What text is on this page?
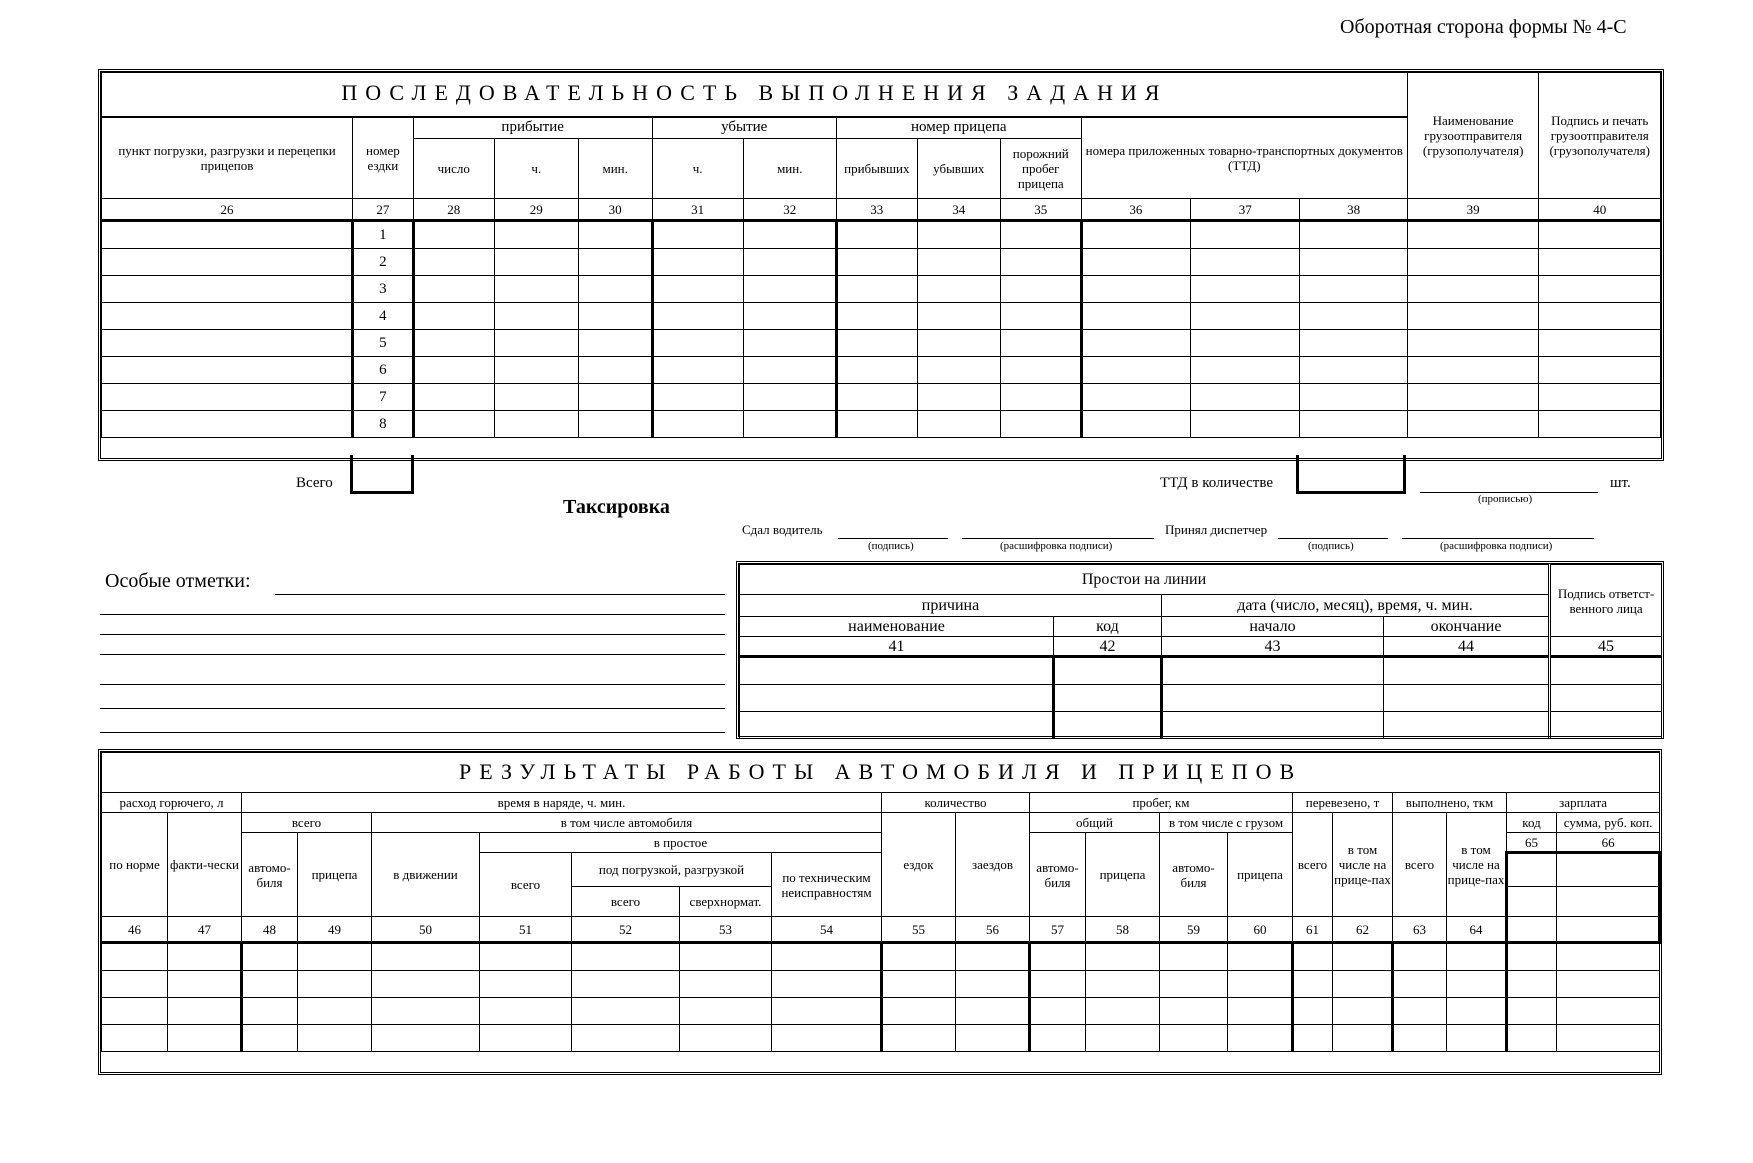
Оборотная сторона формы № 4-С
ПОСЛЕДОВАТЕЛЬНОСТЬ ВЫПОЛНЕНИЯ ЗАДАНИЯ													Наименование грузоотправителя (грузополучателя)	Подпись и печать грузоотправителя (грузополучателя)
пункт погрузки, разгрузки и перецепки прицепов	номер ездки	прибытие			убытие		номер прицепа			номера приложенных товарно-транспортных документов (ТТД)				
		число	ч.	мин.	ч.	мин.	прибывших	убывших	порожний пробег прицепа					
26	27	28	29	30	31	32	33	34	35	36	37	38	39	40
	1													
	2													
	3													
	4													
	5													
	6													
	7													
	8													
Всего	ТТД в количестве
(прописью)
шт.
Таксировка
Сдал водитель
(подпись)	(расшифровка подписи)
Принял диспетчер
(подпись)	(расшифровка подписи)
Особые отметки:	Простои на линии				Подпись ответст- венного лица
причина		дата (число, месяц), время, ч. мин.		
наименование	код	начало	окончание	
41	42	43	44	45

РЕЗУЛЬТАТЫ РАБОТЫ АВТОМОБИЛЯ И ПРИЦЕПОВ																				
расход горючего, л		время в наряде, ч. мин.							количество		пробег, км				перевезено, т		выполнено, ткм		зарплата	
по норме	факти-чески	всего		в том числе автомобиля					ездок	заездов	общий		в том числе с грузом		всего	в том числе на прице-пах	всего	в том числе на прице-пах	код	сумма, руб. коп.
		автомо-биля	прицепа	в движении	в простое						автомо-биля	прицепа	автомо-биля	прицепа					65	66
					всего	под погрузкой, разгрузкой		по техническим неисправностям												
						всего	сверхнормат.													
46	47	48	49	50	51	52	53	54	55	56	57	58	59	60	61	62	63	64		
